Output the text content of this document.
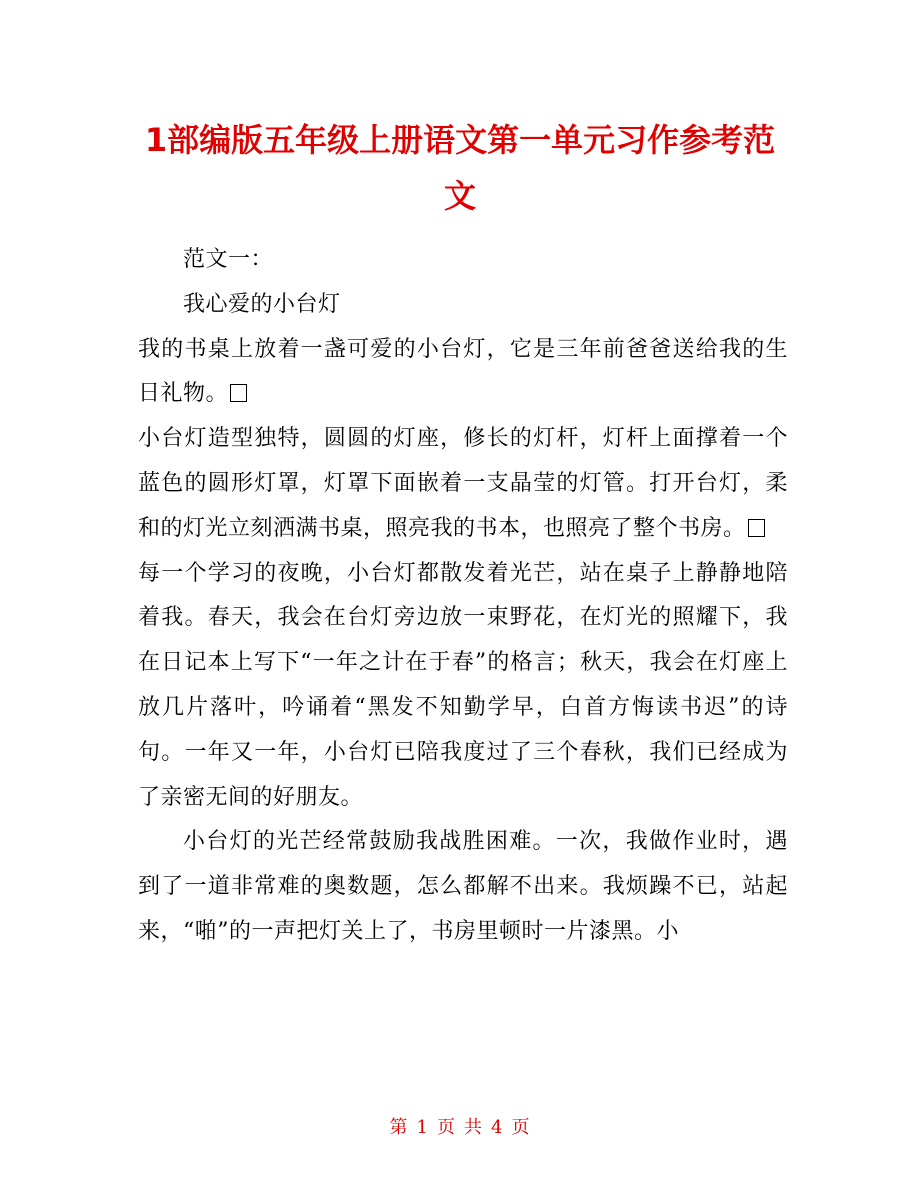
1部编版五年级上册语文第一单元习作参考范文

范文一：

我心爱的小台灯

我的书桌上放着一盏可爱的小台灯，它是三年前爸爸送给我的生日礼物。

小台灯造型独特，圆圆的灯座，修长的灯杆，灯杆上面撑着一个蓝色的圆形灯罩，灯罩下面嵌着一支晶莹的灯管。打开台灯，柔和的灯光立刻洒满书桌，照亮我的书本，也照亮了整个书房。

每一个学习的夜晚，小台灯都散发着光芒，站在桌子上静静地陪着我。春天，我会在台灯旁边放一束野花，在灯光的照耀下，我在日记本上写下“一年之计在于春”的格言；秋天，我会在灯座上放几片落叶，吟诵着“黑发不知勤学早，白首方悔读书迟”的诗句。一年又一年，小台灯已陪我度过了三个春秋，我们已经成为了亲密无间的好朋友。

小台灯的光芒经常鼓励我战胜困难。一次，我做作业时，遇到了一道非常难的奥数题，怎么都解不出来。我烦躁不已，站起来，“啪”的一声把灯关上了，书房里顿时一片漆黑。小

第 1 页 共 4 页
